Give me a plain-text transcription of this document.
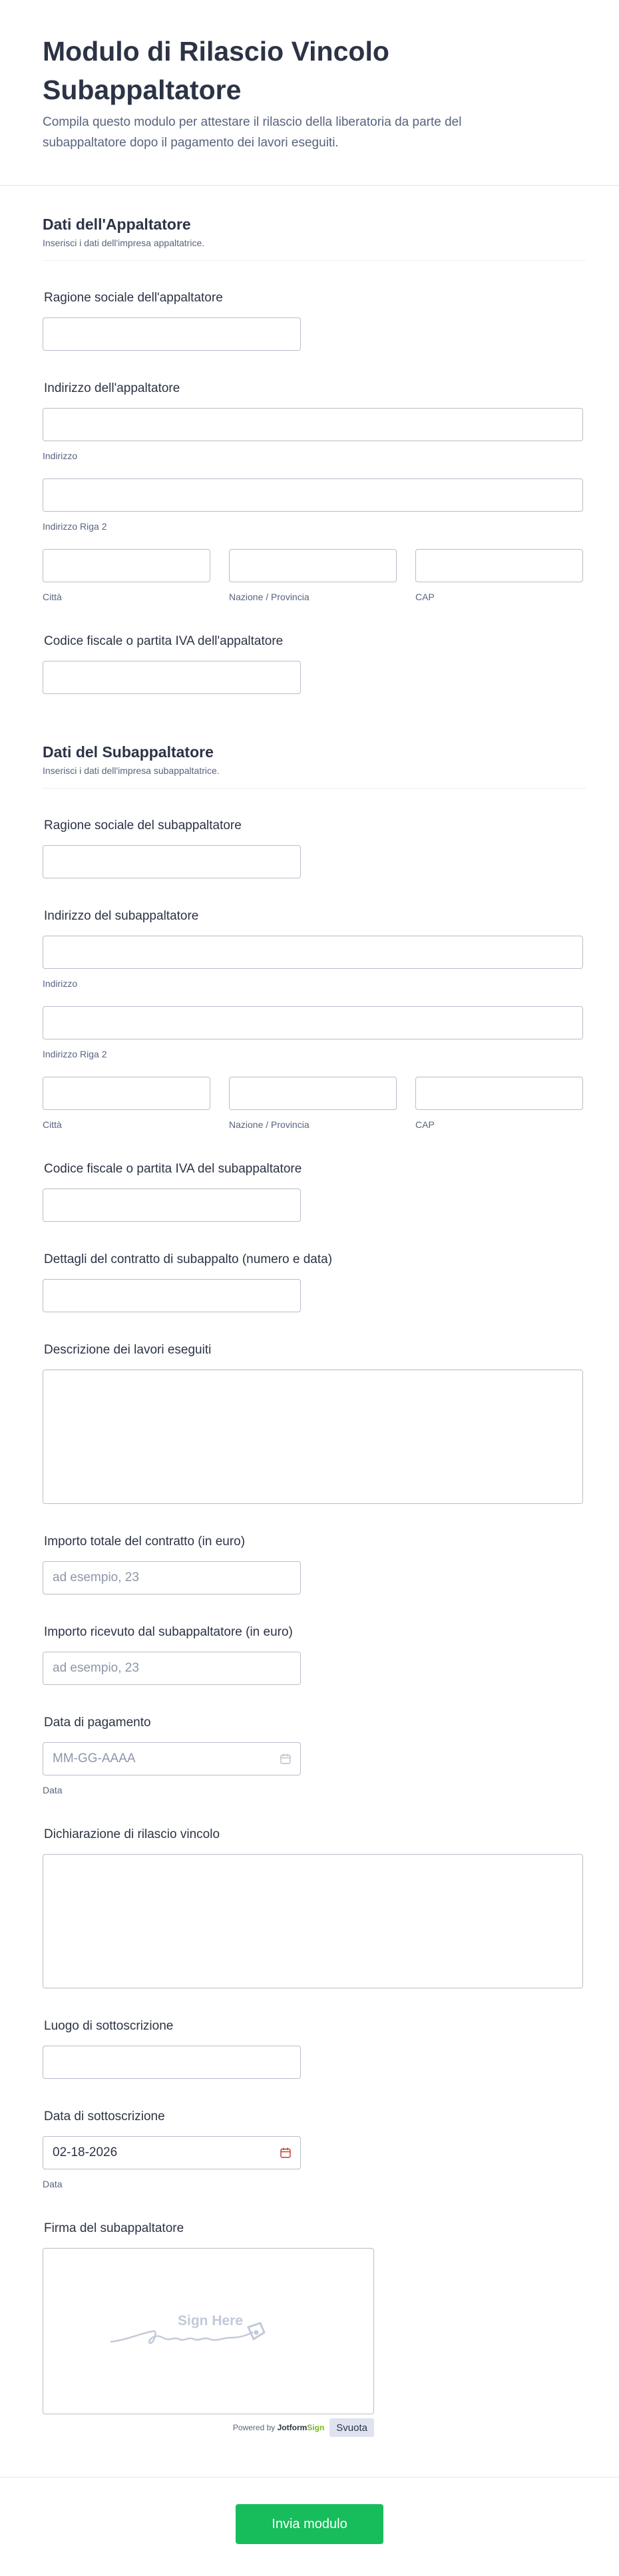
Modulo di Rilascio Vincolo Subappaltatore

Compila questo modulo per attestare il rilascio della liberatoria da parte del subappaltatore dopo il pagamento dei lavori eseguiti.

Dati dell'Appaltatore
Inserisci i dati dell'impresa appaltatrice.
Ragione sociale dell'appaltatore
Indirizzo dell'appaltatore
Indirizzo
Indirizzo Riga 2
Città	Nazione / Provincia	CAP
Codice fiscale o partita IVA dell'appaltatore
Dati del Subappaltatore
Inserisci i dati dell'impresa subappaltatrice.
Ragione sociale del subappaltatore
Indirizzo del subappaltatore
Indirizzo
Indirizzo Riga 2
Città	Nazione / Provincia	CAP
Codice fiscale o partita IVA del subappaltatore
Dettagli del contratto di subappalto (numero e data)
Descrizione dei lavori eseguiti
Importo totale del contratto (in euro)
ad esempio, 23
Importo ricevuto dal subappaltatore (in euro)
ad esempio, 23
Data di pagamento
MM-GG-AAAA
Data
Dichiarazione di rilascio vincolo
Luogo di sottoscrizione
Data di sottoscrizione
02-18-2026
Data
Firma del subappaltatore
Sign Here
Powered by JotformSign	Svuota
Invia modulo
